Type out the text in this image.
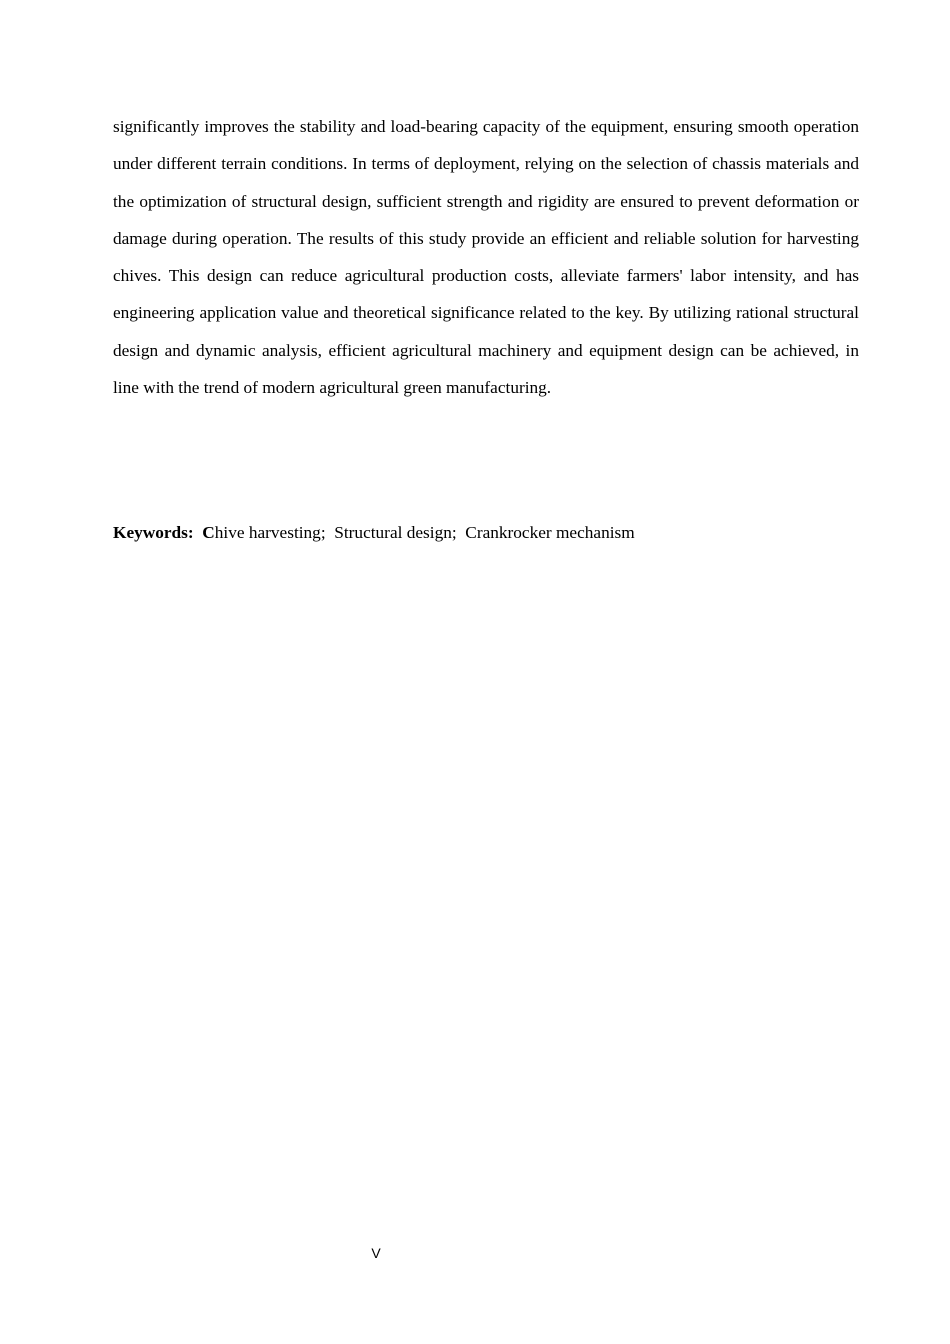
significantly improves the stability and load-bearing capacity of the equipment, ensuring smooth operation under different terrain conditions. In terms of deployment, relying on the selection of chassis materials and the optimization of structural design, sufficient strength and rigidity are ensured to prevent deformation or damage during operation. The results of this study provide an efficient and reliable solution for harvesting chives. This design can reduce agricultural production costs, alleviate farmers' labor intensity, and has engineering application value and theoretical significance related to the key. By utilizing rational structural design and dynamic analysis, efficient agricultural machinery and equipment design can be achieved, in line with the trend of modern agricultural green manufacturing.

Keywords: Chive harvesting;  Structural design;  Crankrocker mechanism

V
